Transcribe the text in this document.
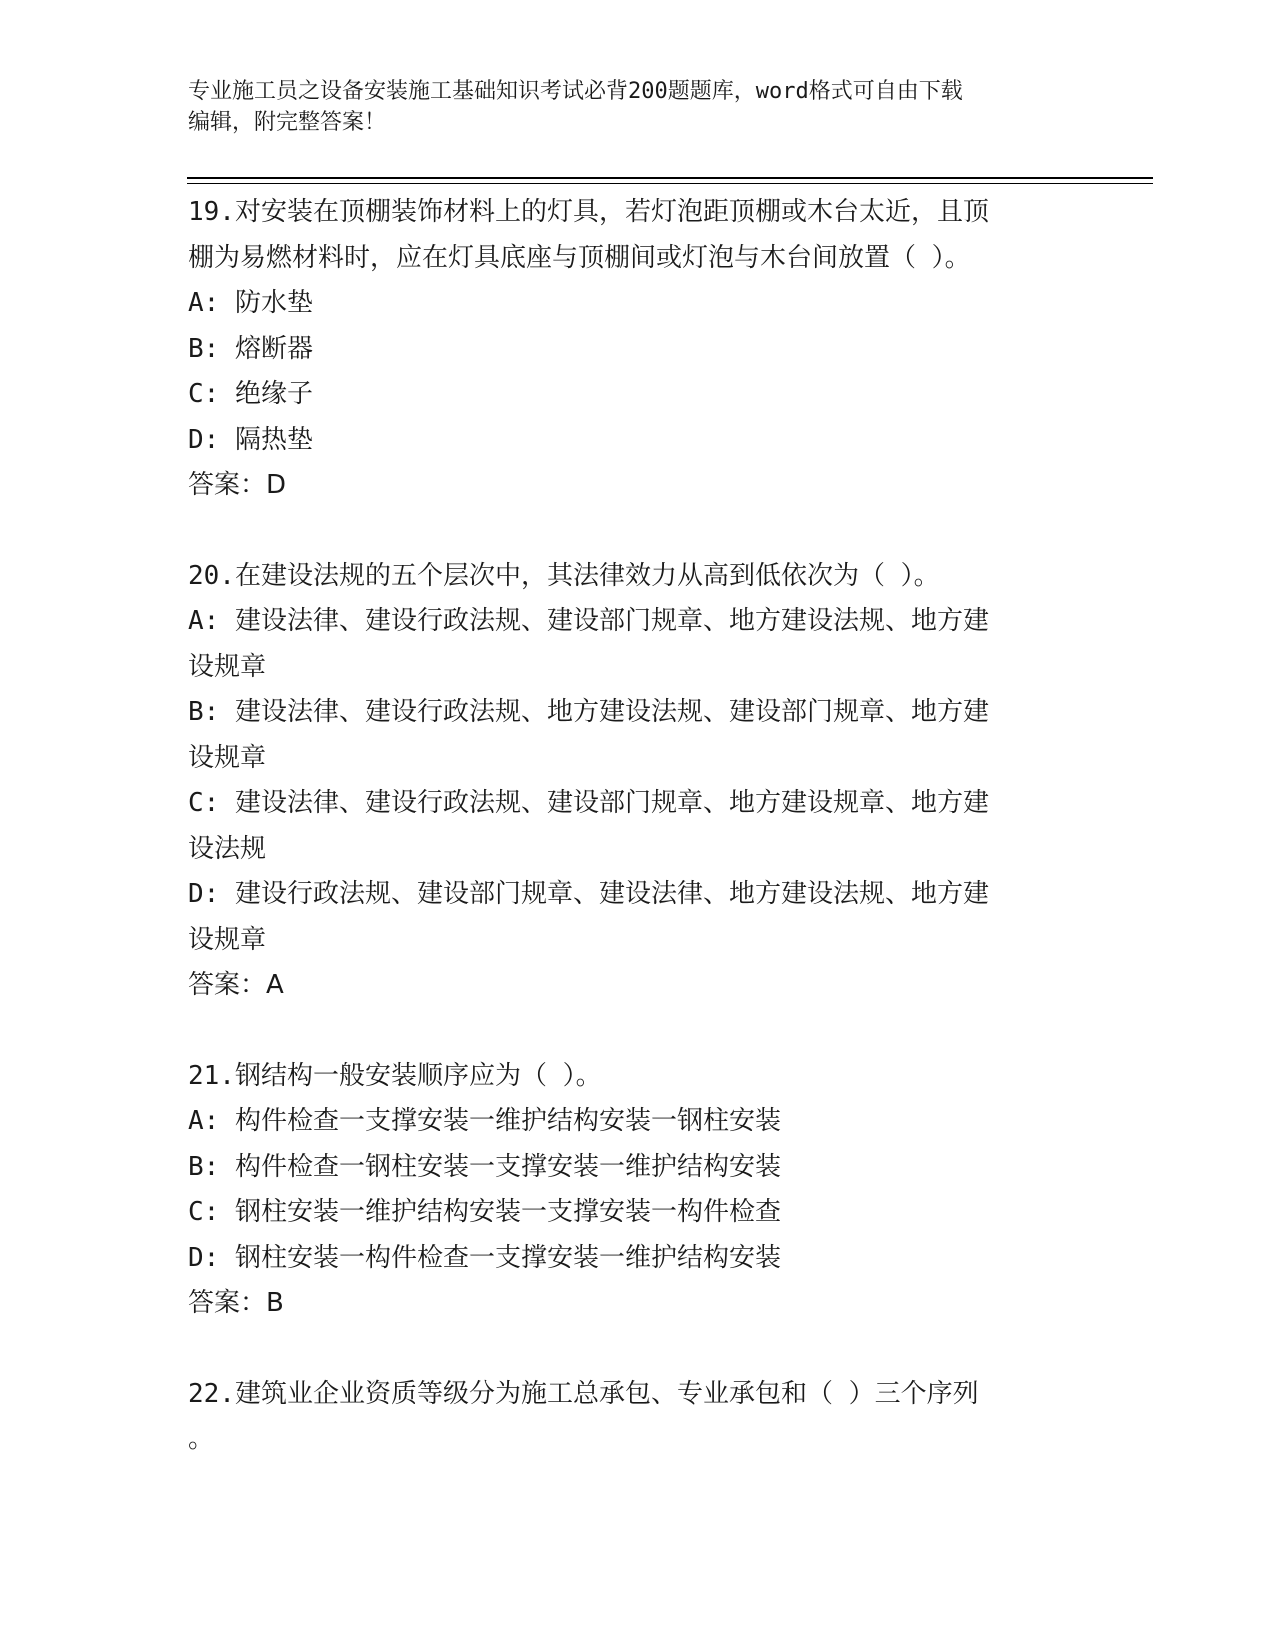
专业施工员之设备安装施工基础知识考试必背200题题库，word格式可自由下载
编辑，附完整答案！
19.对安装在顶棚装饰材料上的灯具，若灯泡距顶棚或木台太近，且顶
棚为易燃材料时，应在灯具底座与顶棚间或灯泡与木台间放置（ ）。
A: 防水垫
B: 熔断器
C: 绝缘子
D: 隔热垫
答案：D
20.在建设法规的五个层次中，其法律效力从高到低依次为（ ）。
A: 建设法律、建设行政法规、建设部门规章、地方建设法规、地方建
设规章
B: 建设法律、建设行政法规、地方建设法规、建设部门规章、地方建
设规章
C: 建设法律、建设行政法规、建设部门规章、地方建设规章、地方建
设法规
D: 建设行政法规、建设部门规章、建设法律、地方建设法规、地方建
设规章
答案：A
21.钢结构一般安装顺序应为（ ）。
A: 构件检查一支撑安装一维护结构安装一钢柱安装
B: 构件检查一钢柱安装一支撑安装一维护结构安装
C: 钢柱安装一维护结构安装一支撑安装一构件检查
D: 钢柱安装一构件检查一支撑安装一维护结构安装
答案：B
22.建筑业企业资质等级分为施工总承包、专业承包和（ ）三个序列
。
